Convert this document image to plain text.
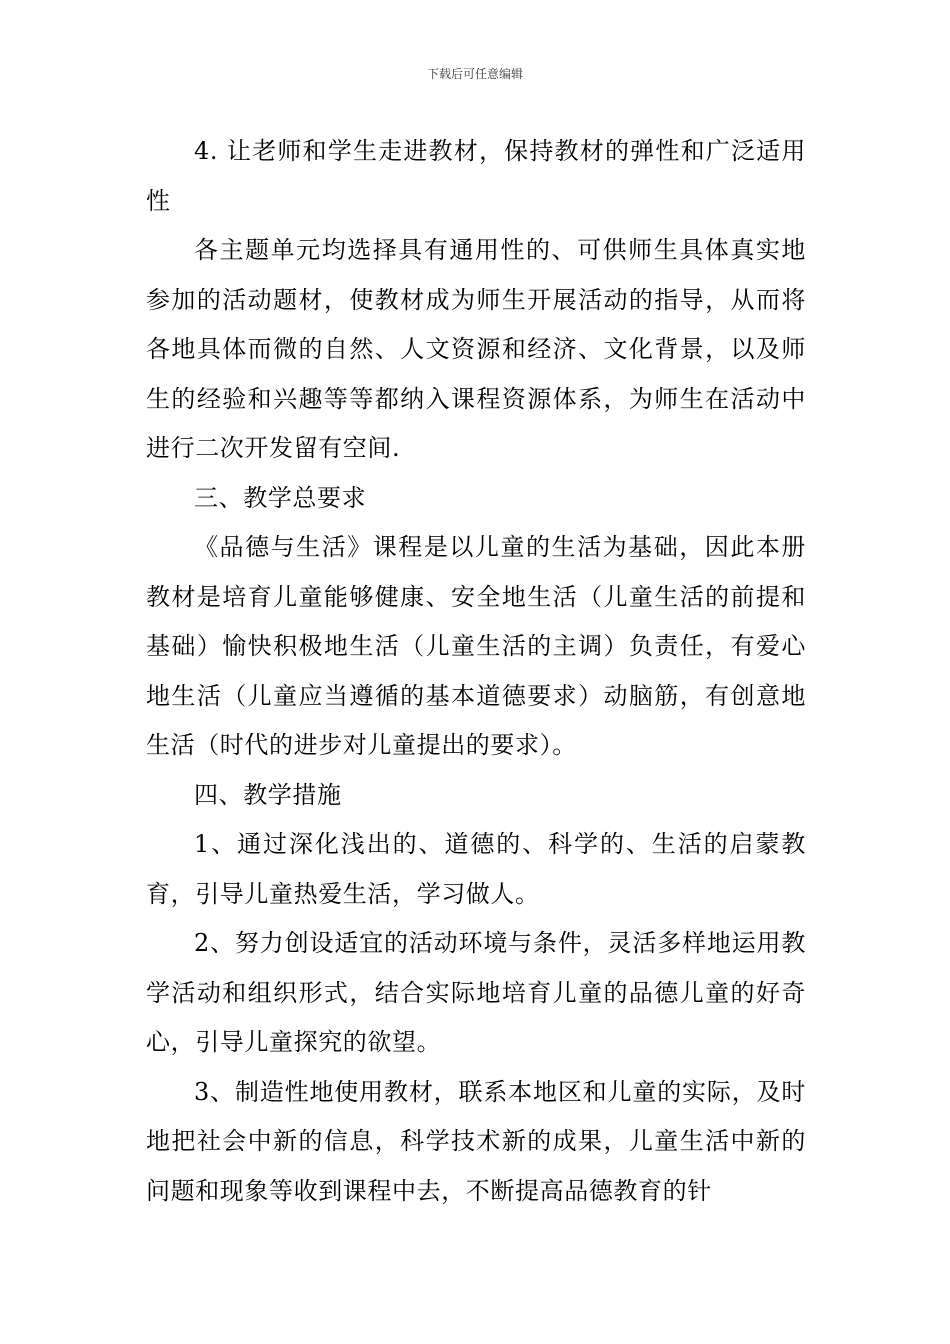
下载后可任意编辑

4. 让老师和学生走进教材，保持教材的弹性和广泛适用性

各主题单元均选择具有通用性的、可供师生具体真实地参加的活动题材，使教材成为师生开展活动的指导，从而将各地具体而微的自然、人文资源和经济、文化背景，以及师生的经验和兴趣等等都纳入课程资源体系，为师生在活动中进行二次开发留有空间.

三、教学总要求

《品德与生活》课程是以儿童的生活为基础，因此本册教材是培育儿童能够健康、安全地生活（儿童生活的前提和基础）愉快积极地生活（儿童生活的主调）负责任，有爱心地生活（儿童应当遵循的基本道德要求）动脑筋，有创意地生活（时代的进步对儿童提出的要求）。

四、教学措施

1、通过深化浅出的、道德的、科学的、生活的启蒙教育，引导儿童热爱生活，学习做人。

2、努力创设适宜的活动环境与条件，灵活多样地运用教学活动和组织形式，结合实际地培育儿童的品德儿童的好奇心，引导儿童探究的欲望。

3、制造性地使用教材，联系本地区和儿童的实际，及时地把社会中新的信息，科学技术新的成果，儿童生活中新的问题和现象等收到课程中去，不断提高品德教育的针
